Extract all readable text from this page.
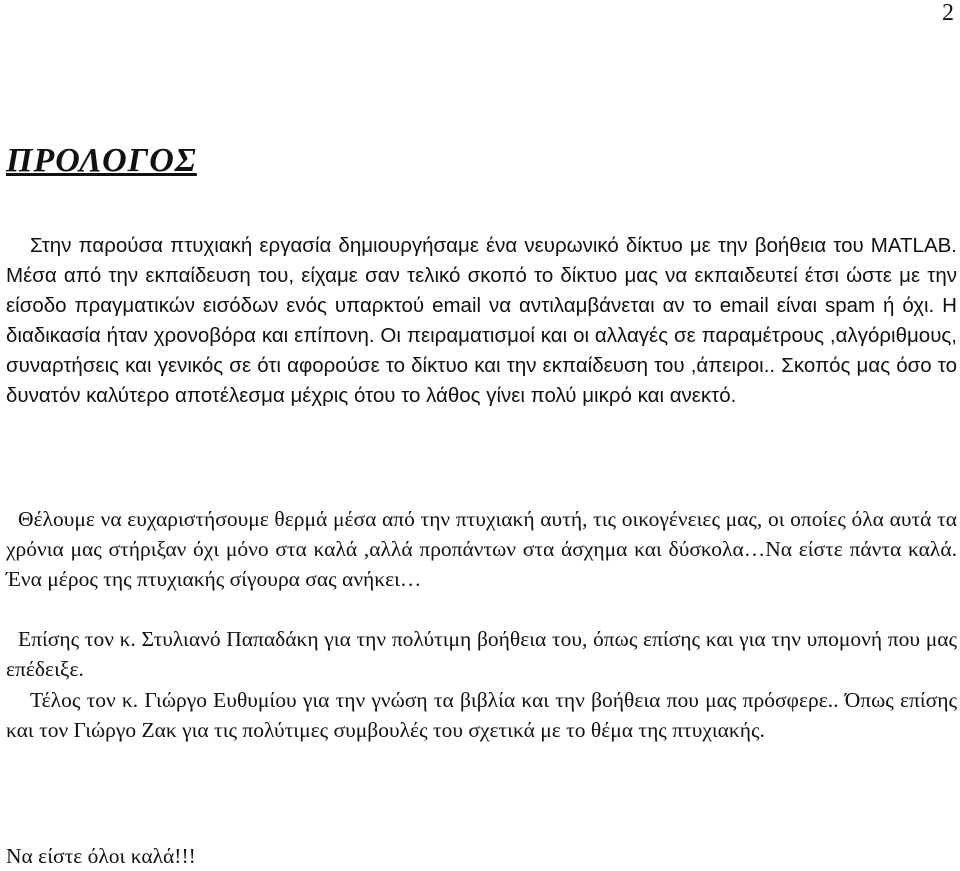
2
ΠΡΟΛΟΓΟΣ

Στην παρούσα πτυχιακή εργασία δημιουργήσαμε ένα νευρωνικό δίκτυο με την βοήθεια του MATLAB. Μέσα από την εκπαίδευση του, είχαμε σαν τελικό σκοπό το δίκτυο μας να εκπαιδευτεί έτσι ώστε με την είσοδο πραγματικών εισόδων ενός υπαρκτού email να αντιλαμβάνεται αν το email είναι spam ή όχι. Η διαδικασία ήταν χρονοβόρα και επίπονη. Οι πειραματισμοί και οι αλλαγές σε παραμέτρους ,αλγόριθμους, συναρτήσεις και γενικός σε ότι αφορούσε το δίκτυο και την εκπαίδευση του ,άπειροι.. Σκοπός μας όσο το δυνατόν καλύτερο αποτέλεσμα μέχρις ότου το λάθος γίνει πολύ μικρό και ανεκτό.

Θέλουμε να ευχαριστήσουμε θερμά μέσα από την πτυχιακή αυτή, τις οικογένειες μας, οι οποίες όλα αυτά τα χρόνια μας στήριξαν όχι μόνο στα καλά ,αλλά προπάντων στα άσχημα και δύσκολα…Να είστε πάντα καλά. Ένα μέρος της πτυχιακής σίγουρα σας ανήκει…

Επίσης τον κ. Στυλιανό Παπαδάκη για την πολύτιμη βοήθεια του, όπως επίσης και για την υπομονή που μας επέδειξε.

Τέλος τον κ. Γιώργο Ευθυμίου για την γνώση τα βιβλία και την βοήθεια που μας πρόσφερε.. Όπως επίσης και τον Γιώργο Ζακ για τις πολύτιμες συμβουλές του σχετικά με το θέμα της πτυχιακής.

Να είστε όλοι καλά!!!
